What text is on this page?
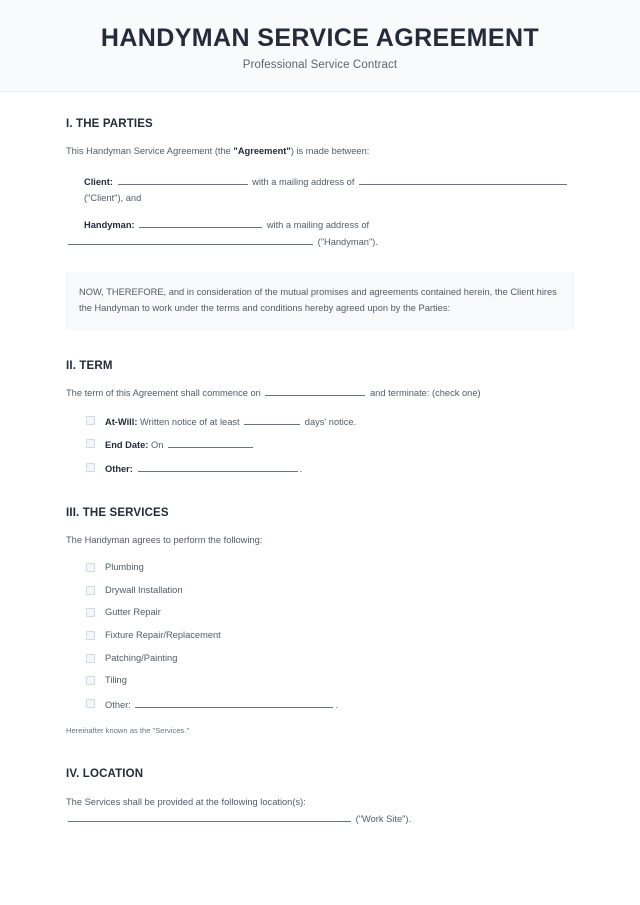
HANDYMAN SERVICE AGREEMENT

Professional Service Contract

I. THE PARTIES

This Handyman Service Agreement (the "Agreement") is made between:

Client:	with a mailing address of

("Client"), and

Handyman:	with a mailing address of

("Handyman").

NOW, THEREFORE, and in consideration of the mutual promises and agreements contained herein, the Client hires the Handyman to work under the terms and conditions hereby agreed upon by the Parties:

II. TERM

The term of this Agreement shall commence on	and terminate: (check one)

At-Will: Written notice of at least	days' notice.
End Date: On
Other:	.
III. THE SERVICES

The Handyman agrees to perform the following:

Plumbing
Drywall Installation
Gutter Repair
Fixture Repair/Replacement
Patching/Painting
Tiling
Other:	.

Hereinafter known as the "Services."

IV. LOCATION

The Services shall be provided at the following location(s):

("Work Site").
